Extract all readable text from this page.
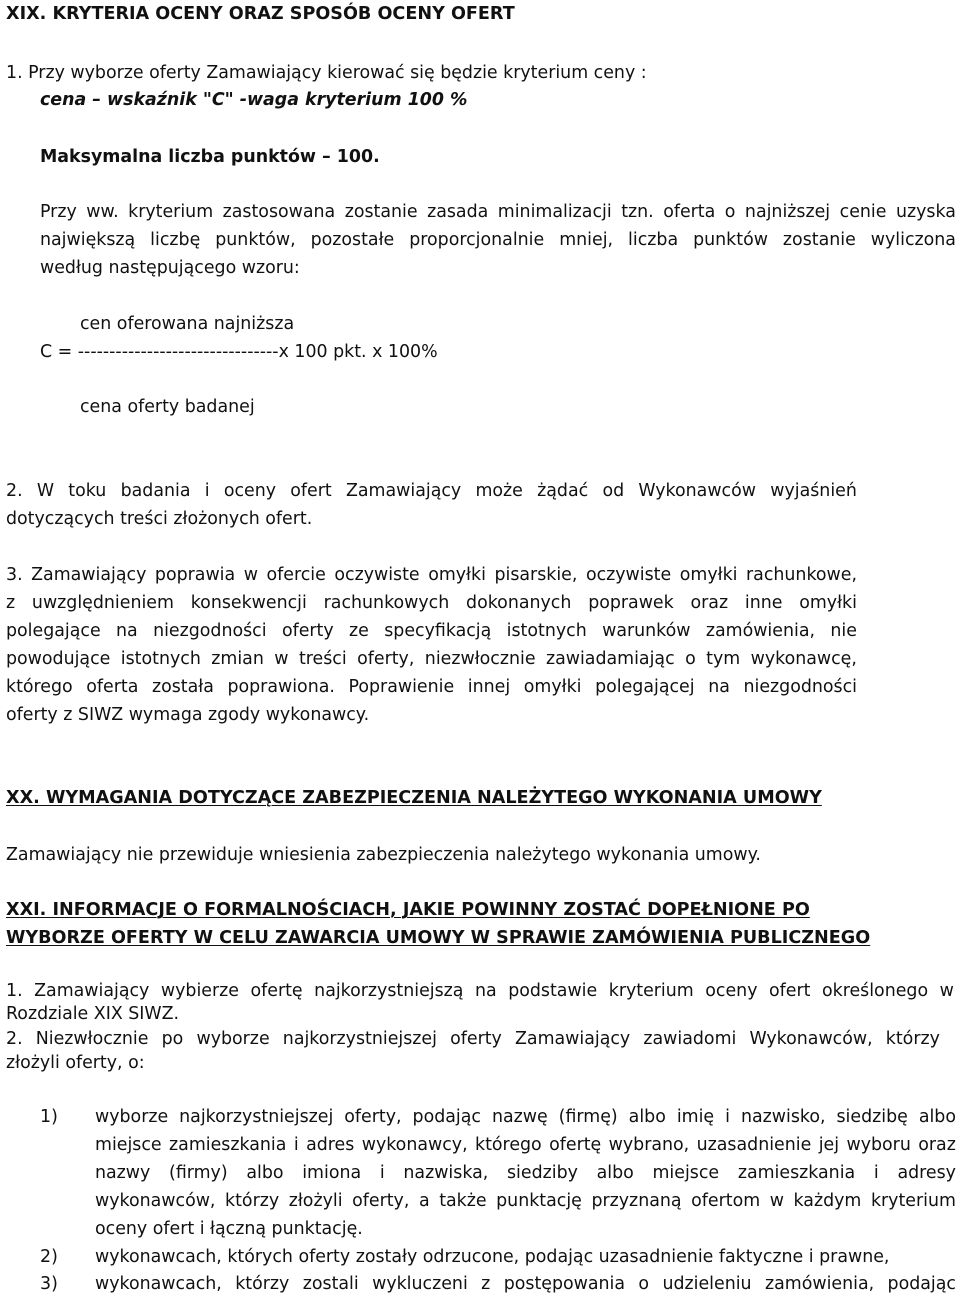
XIX. KRYTERIA OCENY ORAZ SPOSÓB OCENY OFERT
1. Przy wyborze oferty Zamawiający kierować się będzie kryterium ceny :
cena – wskaźnik "C" -waga kryterium 100 %
Maksymalna liczba punktów – 100.
Przy ww. kryterium zastosowana zostanie zasada minimalizacji tzn. oferta o najniższej cenie uzyska
największą liczbę punktów, pozostałe proporcjonalnie mniej, liczba punktów zostanie wyliczona
według następującego wzoru:
cen oferowana najniższa
C = --------------------------------x 100 pkt. x 100%
cena oferty badanej
2. W toku badania i oceny ofert Zamawiający może żądać od Wykonawców wyjaśnień
dotyczących treści złożonych ofert.
3. Zamawiający poprawia w ofercie oczywiste omyłki pisarskie, oczywiste omyłki rachunkowe,
z uwzględnieniem konsekwencji rachunkowych dokonanych poprawek oraz inne omyłki
polegające na niezgodności oferty ze specyfikacją istotnych warunków zamówienia, nie
powodujące istotnych zmian w treści oferty, niezwłocznie zawiadamiając o tym wykonawcę,
którego oferta została poprawiona. Poprawienie innej omyłki polegającej na niezgodności
oferty z SIWZ wymaga zgody wykonawcy.
XX. WYMAGANIA DOTYCZĄCE ZABEZPIECZENIA NALEŻYTEGO WYKONANIA UMOWY
Zamawiający nie przewiduje wniesienia zabezpieczenia należytego wykonania umowy.
XXI. INFORMACJE O FORMALNOŚCIACH, JAKIE POWINNY ZOSTAĆ DOPEŁNIONE PO
WYBORZE OFERTY W CELU ZAWARCIA UMOWY W SPRAWIE ZAMÓWIENIA PUBLICZNEGO
1. Zamawiający wybierze ofertę najkorzystniejszą na podstawie kryterium oceny ofert określonego w
Rozdziale XIX SIWZ.
2. Niezwłocznie po wyborze najkorzystniejszej oferty Zamawiający zawiadomi Wykonawców, którzy
złożyli oferty, o:
1) wyborze najkorzystniejszej oferty, podając nazwę (firmę) albo imię i nazwisko, siedzibę albo
miejsce zamieszkania i adres wykonawcy, którego ofertę wybrano, uzasadnienie jej wyboru oraz
nazwy (firmy) albo imiona i nazwiska, siedziby albo miejsce zamieszkania i adresy
wykonawców, którzy złożyli oferty, a także punktację przyznaną ofertom w każdym kryterium
oceny ofert i łączną punktację.
2) wykonawcach, których oferty zostały odrzucone, podając uzasadnienie faktyczne i prawne,
3) wykonawcach, którzy zostali wykluczeni z postępowania o udzieleniu zamówienia, podając
